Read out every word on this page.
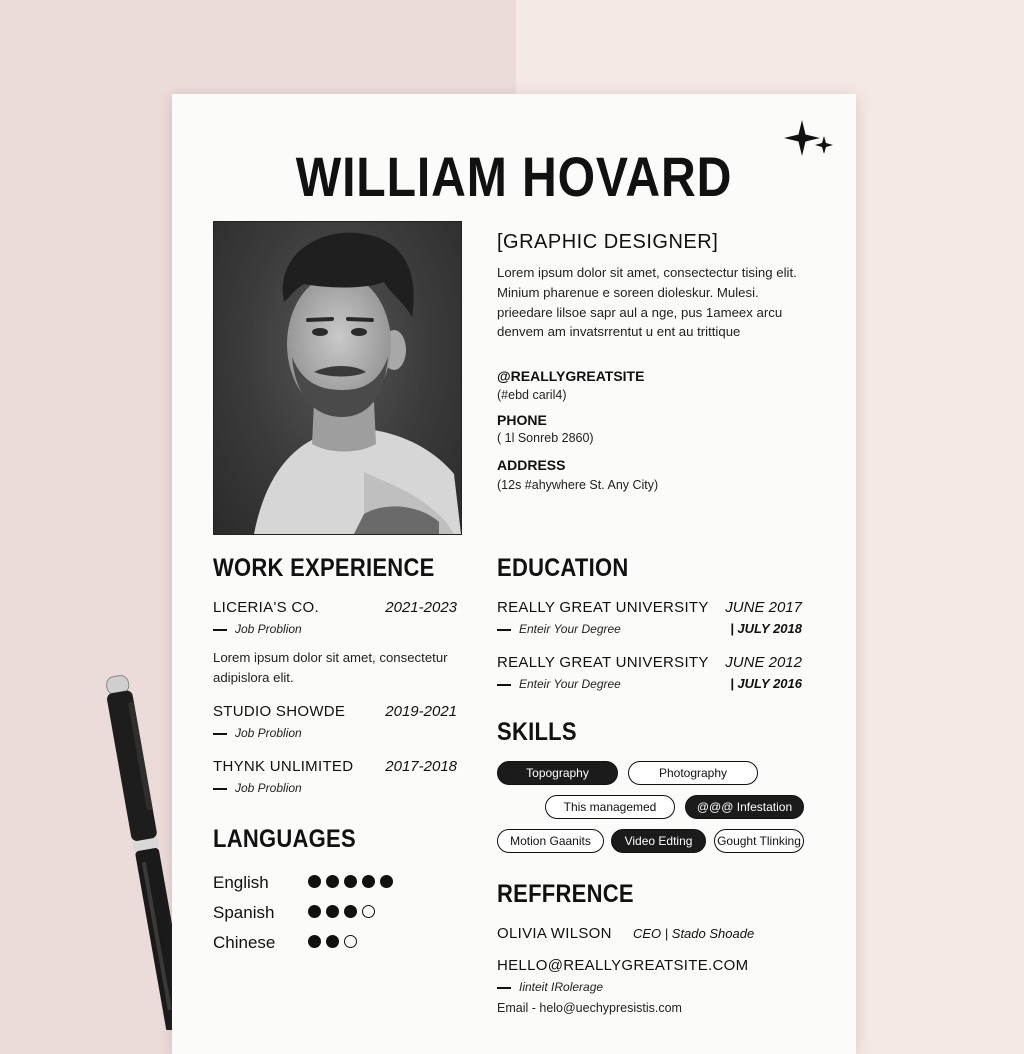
WILLIAM HOVARD
[GRAPHIC DESIGNER]
Lorem ipsum dolor sit amet, consectectur tising elit.
Minium pharenue e soreen dioleskur. Mulesi.
prieedare lilsoe sapr aul a nge, pus 1ameex arcu
denvem am invatsrrentut u ent au trittique
@REALLYGREATSITE
(#ebd caril4)
PHONE
( 1l Sonreb 2860)
ADDRESS
(12s #ahywhere St. Any City)
WORK EXPERIENCE
LICERIA'S CO.	2021-2023
Job Problion
Lorem ipsum dolor sit amet, consectetur
adipislora elit.
STUDIO SHOWDE	2019-2021
Job Problion
THYNK UNLIMITED	2017-2018
Job Problion
LANGUAGES
English
Spanish
Chinese
EDUCATION
REALLY GREAT UNIVERSITY	JUNE 2017
Enteir Your Degree	| JULY 2018
REALLY GREAT UNIVERSITY	JUNE 2012
Enteir Your Degree	| JULY 2016
SKILLS
Topography	Photography
This managemed	@@@ Infestation
Motion Gaanits	Video Edting	Gought Tlinking
REFFRENCE
OLIVIA WILSON CEO | Stado Shoade
HELLO@REALLYGREATSITE.COM
Iinteit IRolerage
Email - helo@uechypresistis.com
